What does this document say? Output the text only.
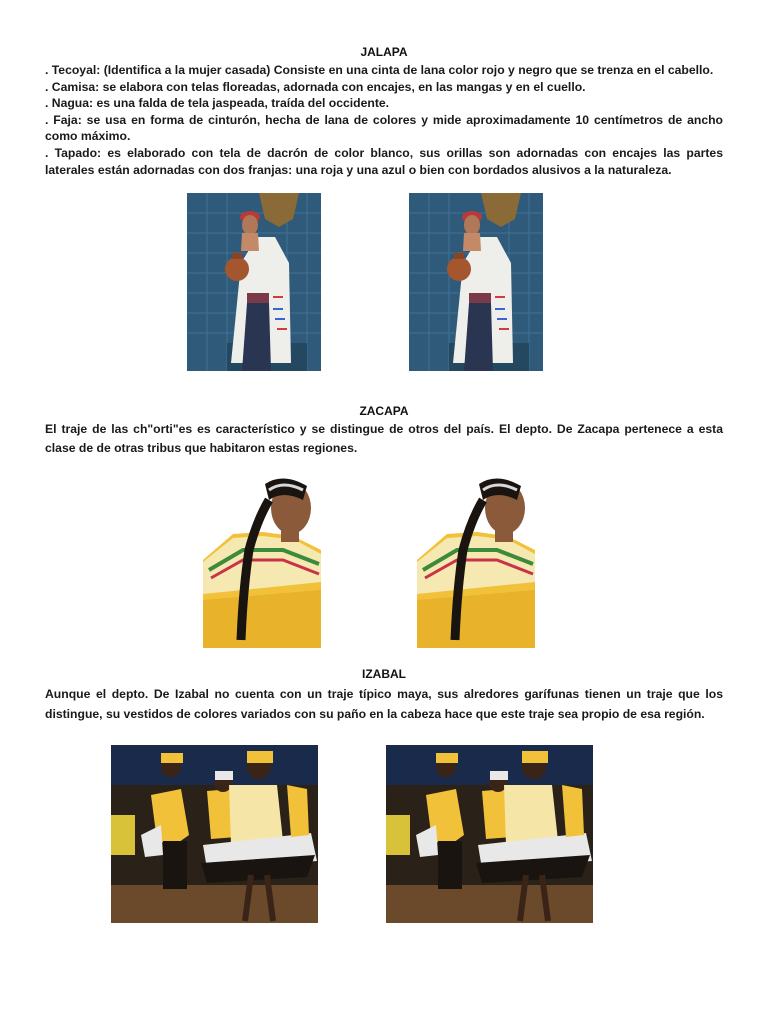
JALAPA
. Tecoyal: (Identifica a la mujer casada) Consiste en una cinta de lana color rojo y negro que se trenza en el cabello.
. Camisa: se elabora con telas floreadas, adornada con encajes, en las mangas y en el cuello.
. Nagua: es una falda de tela jaspeada, traída del occidente.
. Faja: se usa en forma de cinturón, hecha de lana de colores y mide aproximadamente 10 centímetros de ancho como máximo.
. Tapado: es elaborado con tela de dacrón de color blanco, sus orillas son adornadas con encajes las partes laterales están adornadas con dos franjas: una roja y una azul o bien con bordados alusivos a la naturaleza.
ZACAPA
El traje de las ch"orti"es es característico y se distingue de otros del país. El depto. De Zacapa pertenece a esta clase de de otras tribus que habitaron estas regiones.
IZABAL
Aunque el depto. De Izabal no cuenta con un traje típico maya, sus alredores garífunas tienen un traje que los distingue, su vestidos de colores variados con su paño en la cabeza hace que este traje sea propio de esa región.
